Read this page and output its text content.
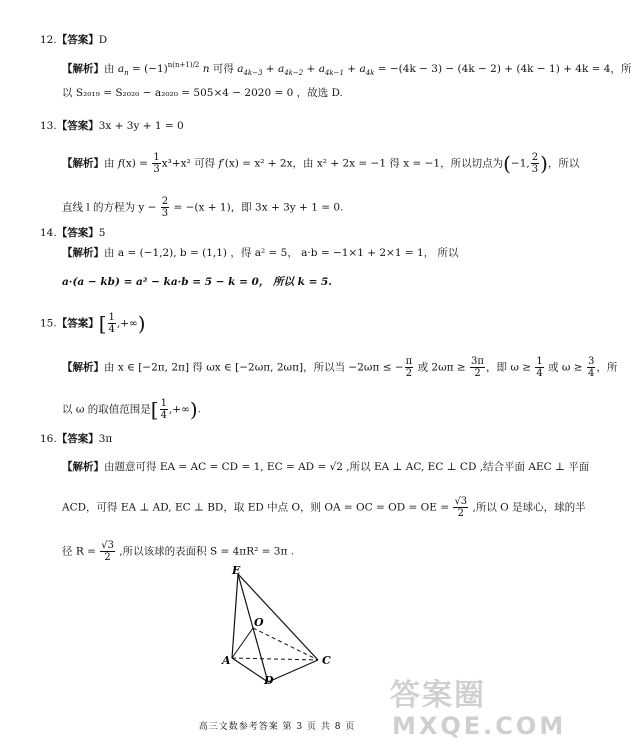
12.【答案】D
【解析】由 $a_n = (-1)^{n(n+1)/2}$ n 可得 $a_{4k-3} + a_{4k-2} + a_{4k-1} + a_{4k} = -(4k - 3) - (4k - 2) + (4k - 1) + 4k = 4$，所
以 S₂₀₁₉ = S₂₀₂₀ − a₂₀₂₀ = 505×4 − 2020 = 0 ，故选 D.
13.【答案】3x + 3y + 1 = 0
【解析】由 $f(x) = \frac{1}{3} x^3+x^2$ 可得 f′(x) = x² + 2x，由 x² + 2x = −1 得 x = −1，所以切点为(−1, $\frac{2}{3}$ )，所以
直线 l 的方程为 $y - \frac{2}{3} = -(x + 1)$，即 3x + 3y + 1 = 0.
14.【答案】5
【解析】由 a = (−1,2), b = (1,1) ，得 a² = 5， a·b = −1×1 + 2×1 = 1， 所以
a·(a − kb) = a² − ka·b = 5 − k = 0， 所以 k = 5.
15.【答案】[ $\frac{1}{4}$ ,+∞)
【解析】由 x ∈ [−2π, 2π] 得 ωx ∈ [−2ωπ, 2ωπ]，所以当 −2ωπ ≤ − $\frac{\pi}{2}$ 或 $2\omega\pi \ge \frac{3\pi}{2}$ ，即 $\omega \ge \frac{1}{4}$ 或 $\omega \ge \frac{3}{4}$ ，所
以 ω 的取值范围是[ $\frac{1}{4}$ ,+∞).
16.【答案】3π
【解析】由题意可得 EA = AC = CD = 1, EC = AD = √2 ,所以 EA ⊥ AC, EC ⊥ CD ,结合平面 AEC ⊥ 平面
ACD，可得 EA ⊥ AD, EC ⊥ BD，取 ED 中点 O，则 OA = OC = OD = OE = $\frac{√3}{2}$ ,所以 O 是球心，球的半
径 $R = \frac{√3}{2}$ ,所以该球的表面积 S = 4πR² = 3π .
E
O
A	C
D
高三文数参考答案 第 3 页 共 8 页
答案圈
MXQE.COM
